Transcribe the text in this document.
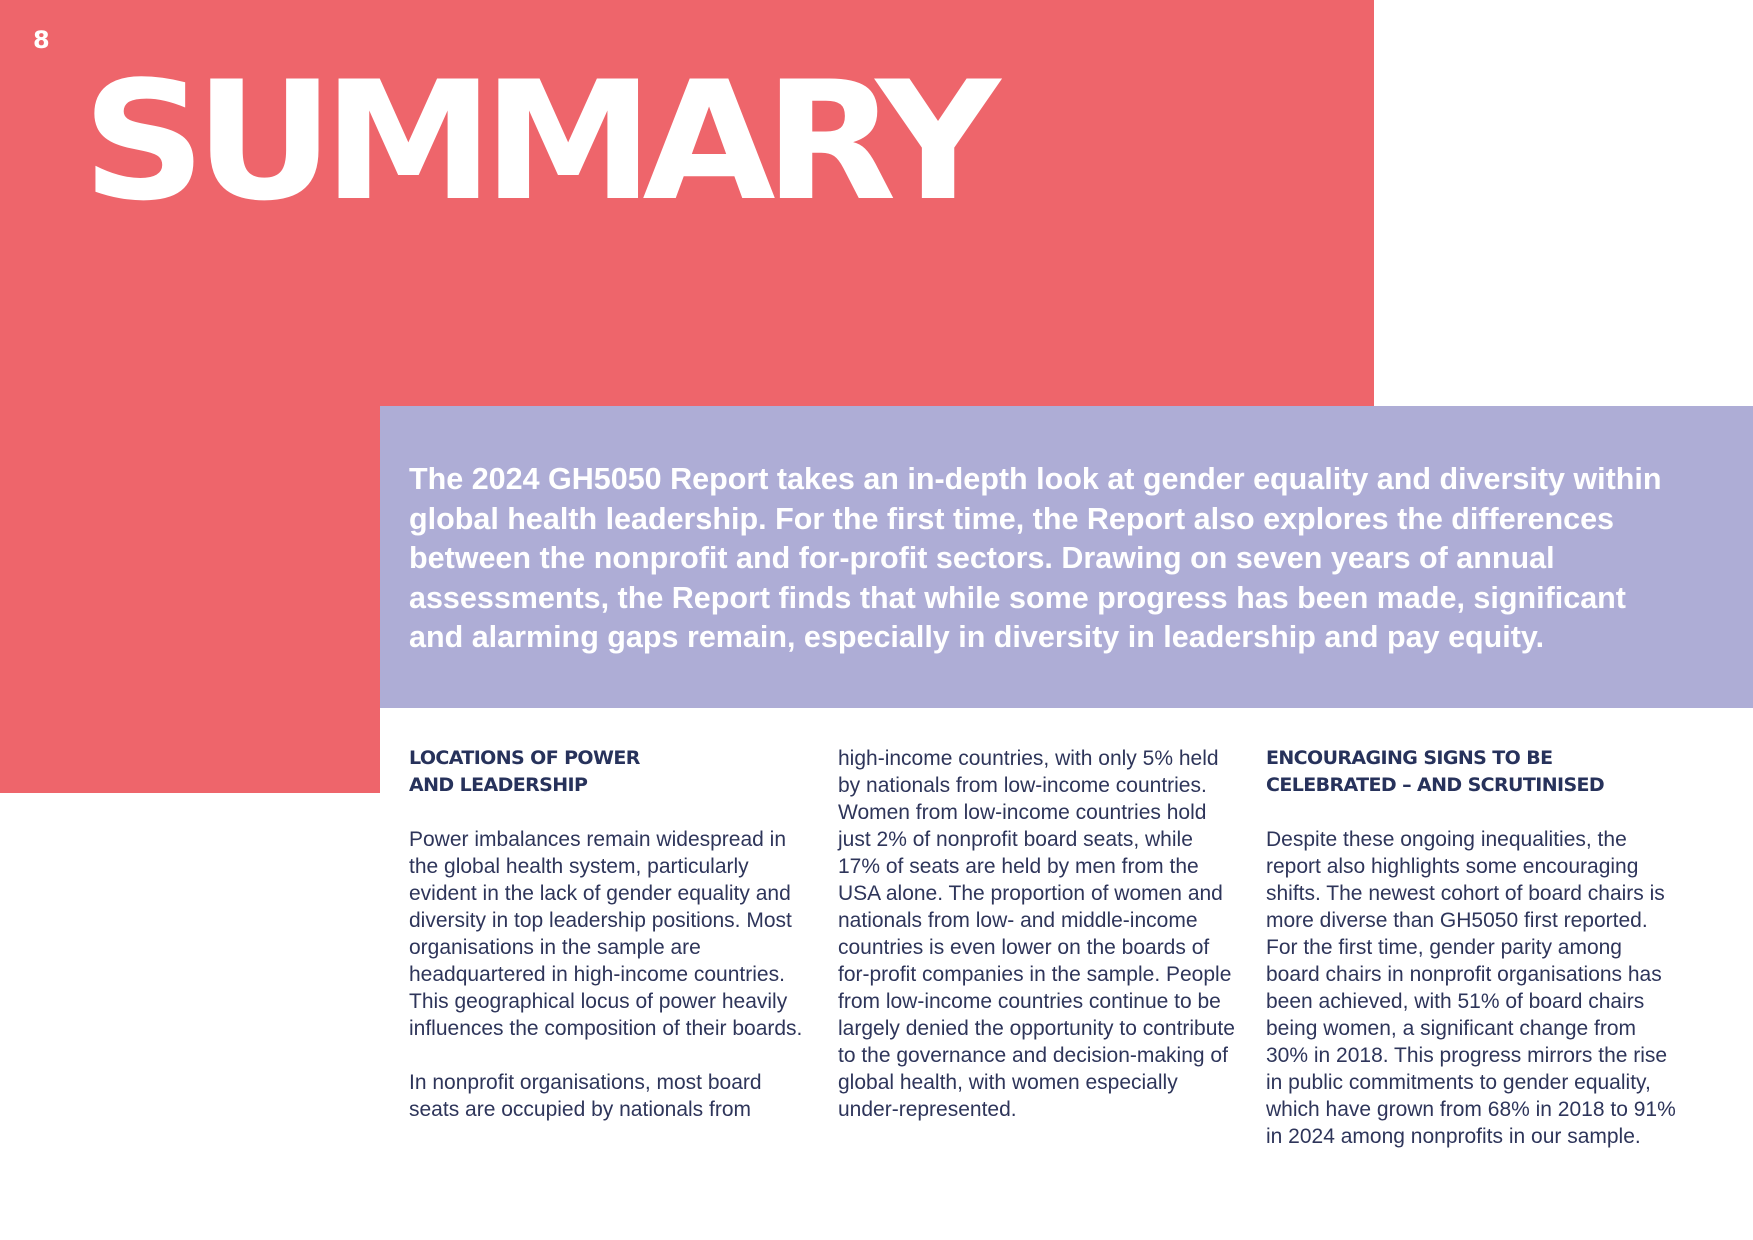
8
SUMMARY

The 2024 GH5050 Report takes an in-depth look at gender equality and diversity within global health leadership. For the first time, the Report also explores the differences between the nonprofit and for-profit sectors. Drawing on seven years of annual assessments, the Report finds that while some progress has been made, significant and alarming gaps remain, especially in diversity in leadership and pay equity.

LOCATIONS OF POWER
AND LEADERSHIP

Power imbalances remain widespread in the global health system, particularly evident in the lack of gender equality and diversity in top leadership positions. Most organisations in the sample are headquartered in high-income countries. This geographical locus of power heavily influences the composition of their boards.

In nonprofit organisations, most board seats are occupied by nationals from

high-income countries, with only 5% held by nationals from low-income countries. Women from low-income countries hold just 2% of nonprofit board seats, while 17% of seats are held by men from the USA alone. The proportion of women and nationals from low- and middle-income countries is even lower on the boards of for-profit companies in the sample. People from low-income countries continue to be largely denied the opportunity to contribute to the governance and decision-making of global health, with women especially under-represented.

ENCOURAGING SIGNS TO BE
CELEBRATED – AND SCRUTINISED

Despite these ongoing inequalities, the report also highlights some encouraging shifts. The newest cohort of board chairs is more diverse than GH5050 first reported. For the first time, gender parity among board chairs in nonprofit organisations has been achieved, with 51% of board chairs being women, a significant change from 30% in 2018. This progress mirrors the rise in public commitments to gender equality, which have grown from 68% in 2018 to 91% in 2024 among nonprofits in our sample.
